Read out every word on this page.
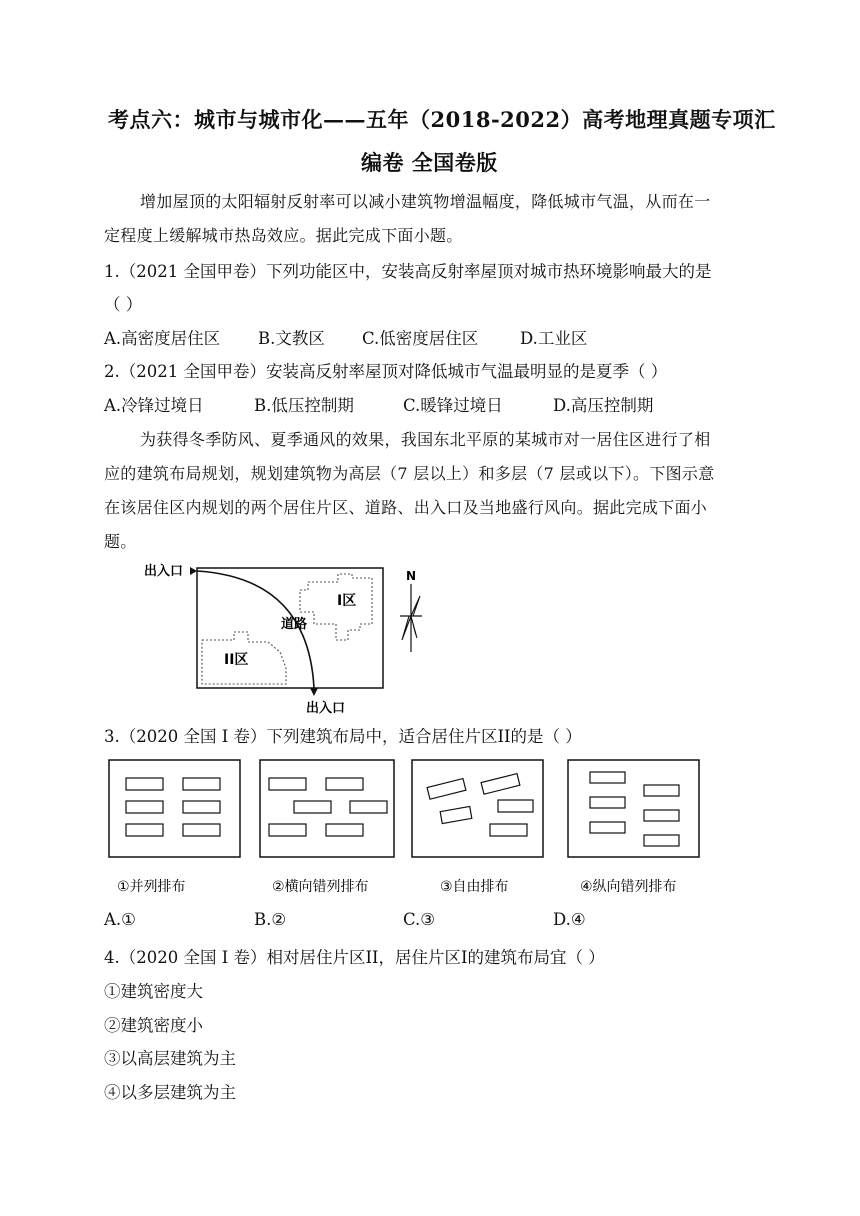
考点六：城市与城市化——五年（2018-2022）高考地理真题专项汇
编卷 全国卷版
增加屋顶的太阳辐射反射率可以减小建筑物增温幅度，降低城市气温，从而在一
定程度上缓解城市热岛效应。据此完成下面小题。
1.（2021 全国甲卷）下列功能区中，安装高反射率屋顶对城市热环境影响最大的是
（ ）
A.高密度居住区 B.文教区 C.低密度居住区	D.工业区
2.（2021 全国甲卷）安装高反射率屋顶对降低城市气温最明显的是夏季（ ）
A.冷锋过境日	B.低压控制期	C.暖锋过境日	D.高压控制期
为获得冬季防风、夏季通风的效果，我国东北平原的某城市对一居住区进行了相
应的建筑布局规划，规划建筑物为高层（7 层以上）和多层（7 层或以下）。下图示意
在该居住区内规划的两个居住片区、道路、出入口及当地盛行风向。据此完成下面小
题。
出入口
出入口
I区
II区
道路
N
3.（2020 全国 I 卷）下列建筑布局中，适合居住片区II的是（ ）
①并列排布	②横向错列排布	③自由排布	④纵向错列排布
A.①	B.②	C.③	D.④
4.（2020 全国 I 卷）相对居住片区II，居住片区I的建筑布局宜（ ）
①建筑密度大
②建筑密度小
③以高层建筑为主
④以多层建筑为主
